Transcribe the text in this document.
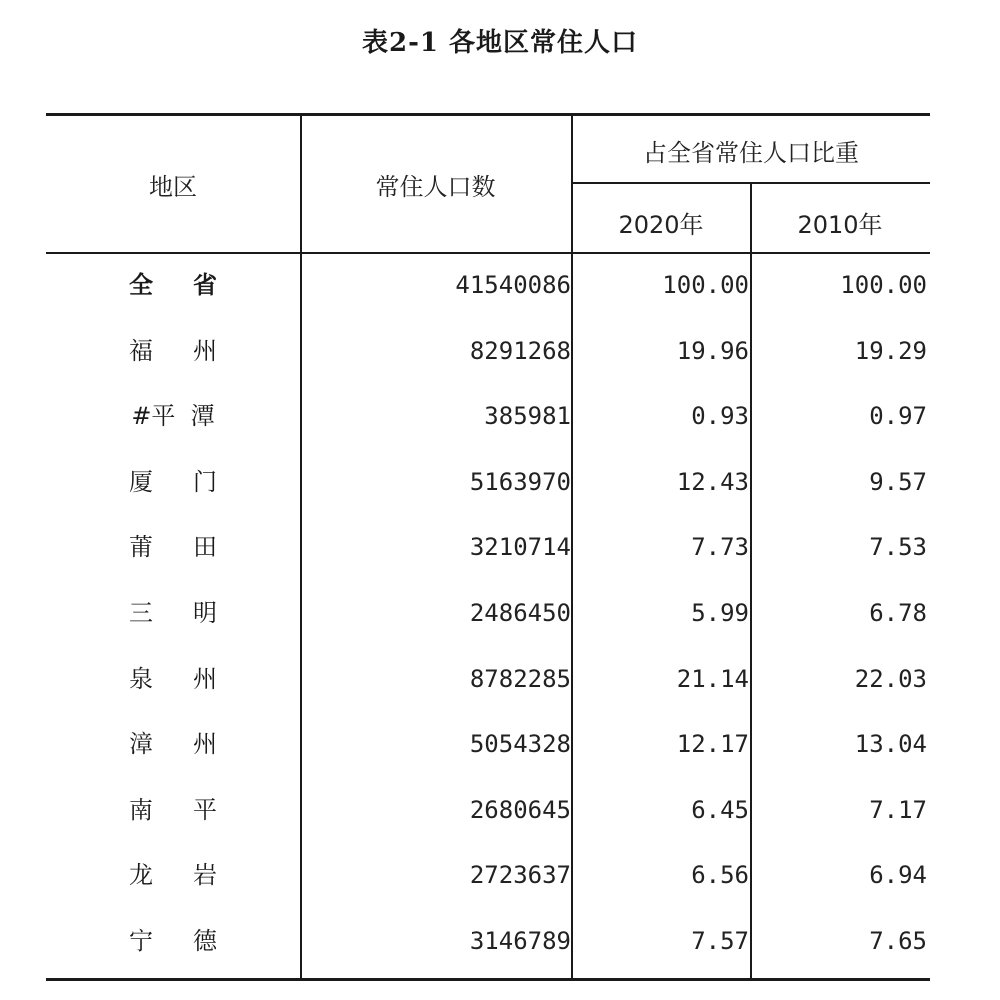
表2-1 各地区常住人口
地区	常住人口数
占全省常住人口比重
2020年	2010年
全省	41540086	100.00	100.00
福州	8291268	19.96	19.29
#平  潭	385981	0.93	0.97
厦门	5163970	12.43	9.57
莆田	3210714	7.73	7.53
三明	2486450	5.99	6.78
泉州	8782285	21.14	22.03
漳州	5054328	12.17	13.04
南平	2680645	6.45	7.17
龙岩	2723637	6.56	6.94
宁德	3146789	7.57	7.65
